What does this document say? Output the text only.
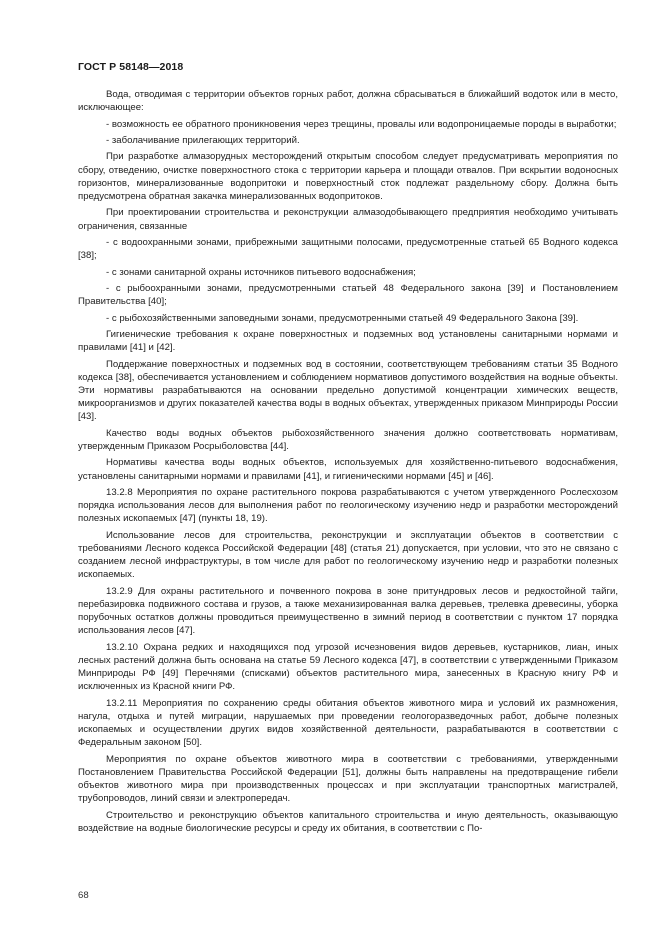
ГОСТ Р 58148—2018

Вода, отводимая с территории объектов горных работ, должна сбрасываться в ближайший водоток или в место, исключающее:

- возможность ее обратного проникновения через трещины, провалы или водопроницаемые породы в выработки;

- заболачивание прилегающих территорий.

При разработке алмазорудных месторождений открытым способом следует предусматривать мероприятия по сбору, отведению, очистке поверхностного стока с территории карьера и площади отвалов. При вскрытии водоносных горизонтов, минерализованные водопритоки и поверхностный сток подлежат раздельному сбору. Должна быть предусмотрена обратная закачка минерализованных водопритоков.

При проектировании строительства и реконструкции алмазодобывающего предприятия необходимо учитывать ограничения, связанные

- с водоохранными зонами, прибрежными защитными полосами, предусмотренные статьей 65 Водного кодекса [38];

- с зонами санитарной охраны источников питьевого водоснабжения;

- с рыбоохранными зонами, предусмотренными статьей 48 Федерального закона [39] и Постановлением Правительства [40];

- с рыбохозяйственными заповедными зонами, предусмотренными статьей 49 Федерального Закона [39].

Гигиенические требования к охране поверхностных и подземных вод установлены санитарными нормами и правилами [41] и [42].

Поддержание поверхностных и подземных вод в состоянии, соответствующем требованиям статьи 35 Водного кодекса [38], обеспечивается установлением и соблюдением нормативов допустимого воздействия на водные объекты. Эти нормативы разрабатываются на основании предельно допустимой концентрации химических веществ, микроорганизмов и других показателей качества воды в водных объектах, утвержденных приказом Минприроды России [43].

Качество воды водных объектов рыбохозяйственного значения должно соответствовать нормативам, утвержденным Приказом Росрыболовства [44].

Нормативы качества воды водных объектов, используемых для хозяйственно-питьевого водоснабжения, установлены санитарными нормами и правилами [41], и гигиеническими нормами [45] и [46].

13.2.8 Мероприятия по охране растительного покрова разрабатываются с учетом утвержденного Рослесхозом порядка использования лесов для выполнения работ по геологическому изучению недр и разработки месторождений полезных ископаемых [47] (пункты 18, 19).

Использование лесов для строительства, реконструкции и эксплуатации объектов в соответствии с требованиями Лесного кодекса Российской Федерации [48] (статья 21) допускается, при условии, что это не связано с созданием лесной инфраструктуры, в том числе для работ по геологическому изучению недр и разработки полезных ископаемых.

13.2.9 Для охраны растительного и почвенного покрова в зоне притундровых лесов и редкостойной тайги, перебазировка подвижного состава и грузов, а также механизированная валка деревьев, трелевка древесины, уборка порубочных остатков должны проводиться преимущественно в зимний период в соответствии с пунктом 17 порядка использования лесов [47].

13.2.10 Охрана редких и находящихся под угрозой исчезновения видов деревьев, кустарников, лиан, иных лесных растений должна быть основана на статье 59 Лесного кодекса [47], в соответствии с утвержденными Приказом Минприроды РФ [49] Перечнями (списками) объектов растительного мира, занесенных в Красную книгу РФ и исключенных из Красной книги РФ.

13.2.11 Мероприятия по сохранению среды обитания объектов животного мира и условий их размножения, нагула, отдыха и путей миграции, нарушаемых при проведении геологоразведочных работ, добыче полезных ископаемых и осуществлении других видов хозяйственной деятельности, разрабатываются в соответствии с Федеральным законом [50].

Мероприятия по охране объектов животного мира в соответствии с требованиями, утвержденными Постановлением Правительства Российской Федерации [51], должны быть направлены на предотвращение гибели объектов животного мира при производственных процессах и при эксплуатации транспортных магистралей, трубопроводов, линий связи и электропередач.

Строительство и реконструкцию объектов капитального строительства и иную деятельность, оказывающую воздействие на водные биологические ресурсы и среду их обитания, в соответствии с По-

68
